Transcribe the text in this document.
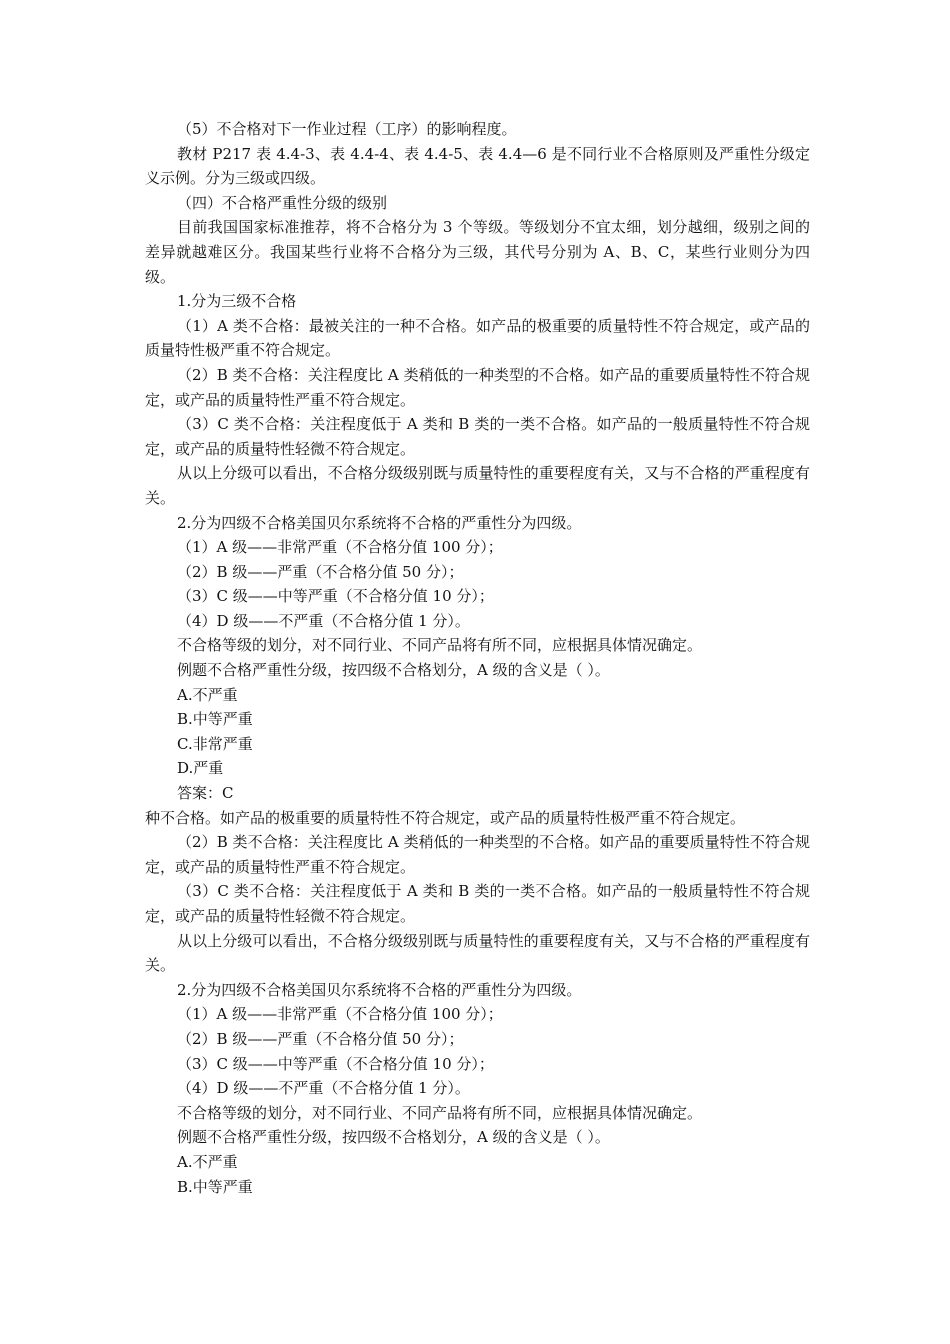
（5）不合格对下一作业过程（工序）的影响程度。

教材 P217 表 4.4-3、表 4.4-4、表 4.4-5、表 4.4—6 是不同行业不合格原则及严重性分级定义示例。分为三级或四级。

（四）不合格严重性分级的级别

目前我国国家标准推荐，将不合格分为 3 个等级。等级划分不宜太细，划分越细，级别之间的差异就越难区分。我国某些行业将不合格分为三级，其代号分别为 A、B、C，某些行业则分为四级。

1.分为三级不合格

（1）A 类不合格：最被关注的一种不合格。如产品的极重要的质量特性不符合规定，或产品的质量特性极严重不符合规定。

（2）B 类不合格：关注程度比 A 类稍低的一种类型的不合格。如产品的重要质量特性不符合规定，或产品的质量特性严重不符合规定。

（3）C 类不合格：关注程度低于 A 类和 B 类的一类不合格。如产品的一般质量特性不符合规定，或产品的质量特性轻微不符合规定。

从以上分级可以看出，不合格分级级别既与质量特性的重要程度有关，又与不合格的严重程度有关。

2.分为四级不合格美国贝尔系统将不合格的严重性分为四级。

（1）A 级——非常严重（不合格分值 100 分）；

（2）B 级——严重（不合格分值 50 分）；

（3）C 级——中等严重（不合格分值 10 分）；

（4）D 级——不严重（不合格分值 1 分）。

不合格等级的划分，对不同行业、不同产品将有所不同，应根据具体情况确定。

例题不合格严重性分级，按四级不合格划分，A 级的含义是（ ）。

A.不严重

B.中等严重

C.非常严重

D.严重

答案：C

种不合格。如产品的极重要的质量特性不符合规定，或产品的质量特性极严重不符合规定。

（2）B 类不合格：关注程度比 A 类稍低的一种类型的不合格。如产品的重要质量特性不符合规定，或产品的质量特性严重不符合规定。

（3）C 类不合格：关注程度低于 A 类和 B 类的一类不合格。如产品的一般质量特性不符合规定，或产品的质量特性轻微不符合规定。

从以上分级可以看出，不合格分级级别既与质量特性的重要程度有关，又与不合格的严重程度有关。

2.分为四级不合格美国贝尔系统将不合格的严重性分为四级。

（1）A 级——非常严重（不合格分值 100 分）；

（2）B 级——严重（不合格分值 50 分）；

（3）C 级——中等严重（不合格分值 10 分）；

（4）D 级——不严重（不合格分值 1 分）。

不合格等级的划分，对不同行业、不同产品将有所不同，应根据具体情况确定。

例题不合格严重性分级，按四级不合格划分，A 级的含义是（ ）。

A.不严重

B.中等严重
